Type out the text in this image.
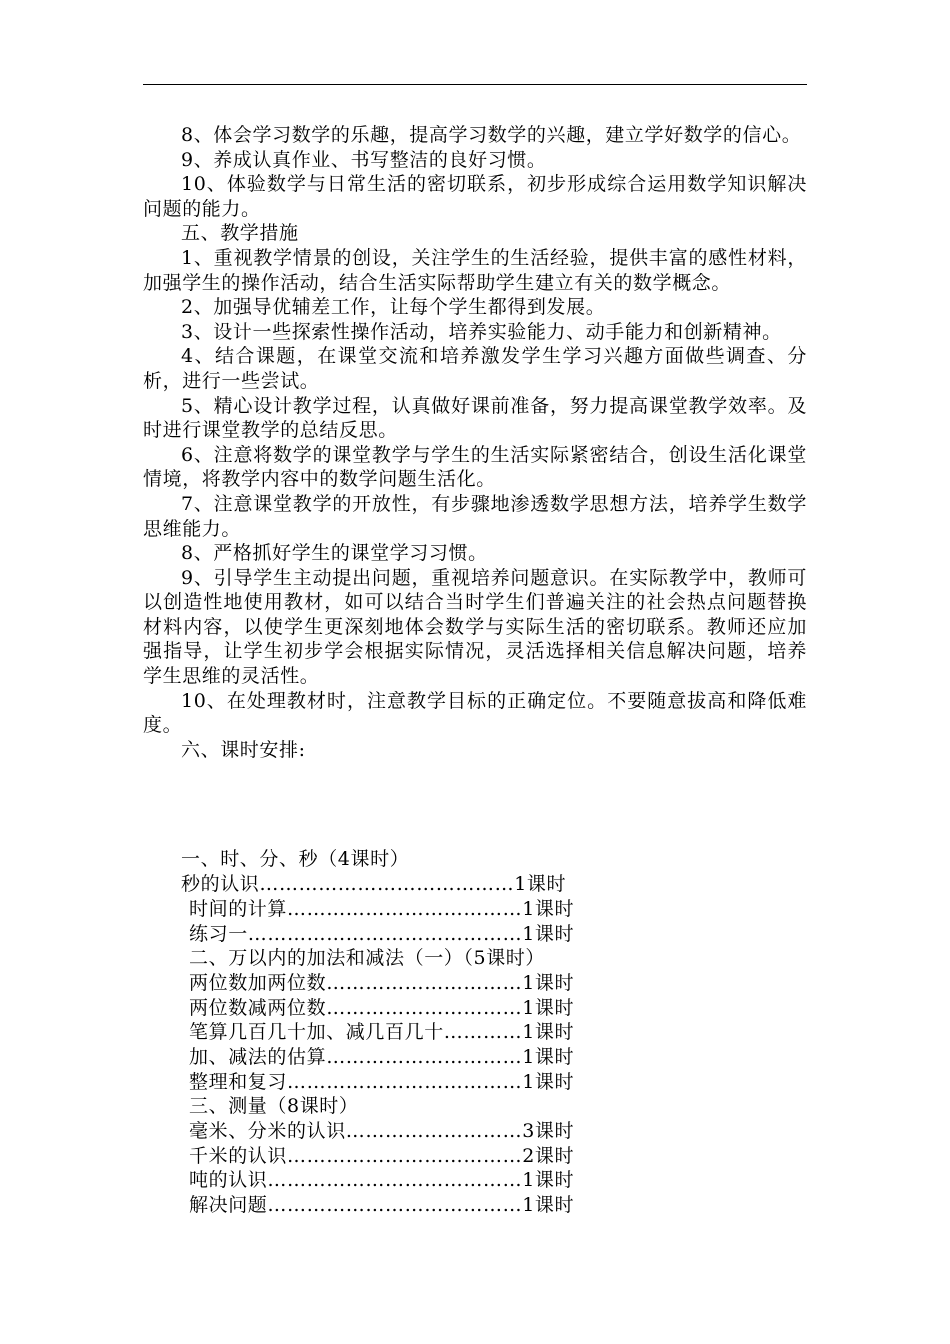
8、体会学习数学的乐趣，提高学习数学的兴趣，建立学好数学的信心。

9、养成认真作业、书写整洁的良好习惯。

10、体验数学与日常生活的密切联系，初步形成综合运用数学知识解决问题的能力。

五、教学措施

1、重视教学情景的创设，关注学生的生活经验，提供丰富的感性材料，加强学生的操作活动，结合生活实际帮助学生建立有关的数学概念。

2、加强导优辅差工作，让每个学生都得到发展。

3、设计一些探索性操作活动，培养实验能力、动手能力和创新精神。

4、结合课题，在课堂交流和培养激发学生学习兴趣方面做些调查、分析，进行一些尝试。

5、精心设计教学过程，认真做好课前准备，努力提高课堂教学效率。及时进行课堂教学的总结反思。

6、注意将数学的课堂教学与学生的生活实际紧密结合，创设生活化课堂情境，将教学内容中的数学问题生活化。

7、注意课堂教学的开放性，有步骤地渗透数学思想方法，培养学生数学思维能力。

8、严格抓好学生的课堂学习习惯。

9、引导学生主动提出问题，重视培养问题意识。在实际教学中，教师可以创造性地使用教材，如可以结合当时学生们普遍关注的社会热点问题替换材料内容，以使学生更深刻地体会数学与实际生活的密切联系。教师还应加强指导，让学生初步学会根据实际情况，灵活选择相关信息解决问题，培养学生思维的灵活性。

10、在处理教材时，注意教学目标的正确定位。不要随意拔高和降低难度。

六、课时安排:

一、时、分、秒（4课时）
秒的认识…………………………………1课时
时间的计算………………………………1课时
练习一……………………………………1课时
二、万以内的加法和减法（一）（5课时）
两位数加两位数…………………………1课时
两位数减两位数…………………………1课时
笔算几百几十加、减几百几十…………1课时
加、减法的估算…………………………1课时
整理和复习………………………………1课时
三、测量（8课时）
毫米、分米的认识………………………3课时
千米的认识………………………………2课时
吨的认识…………………………………1课时
解决问题…………………………………1课时
